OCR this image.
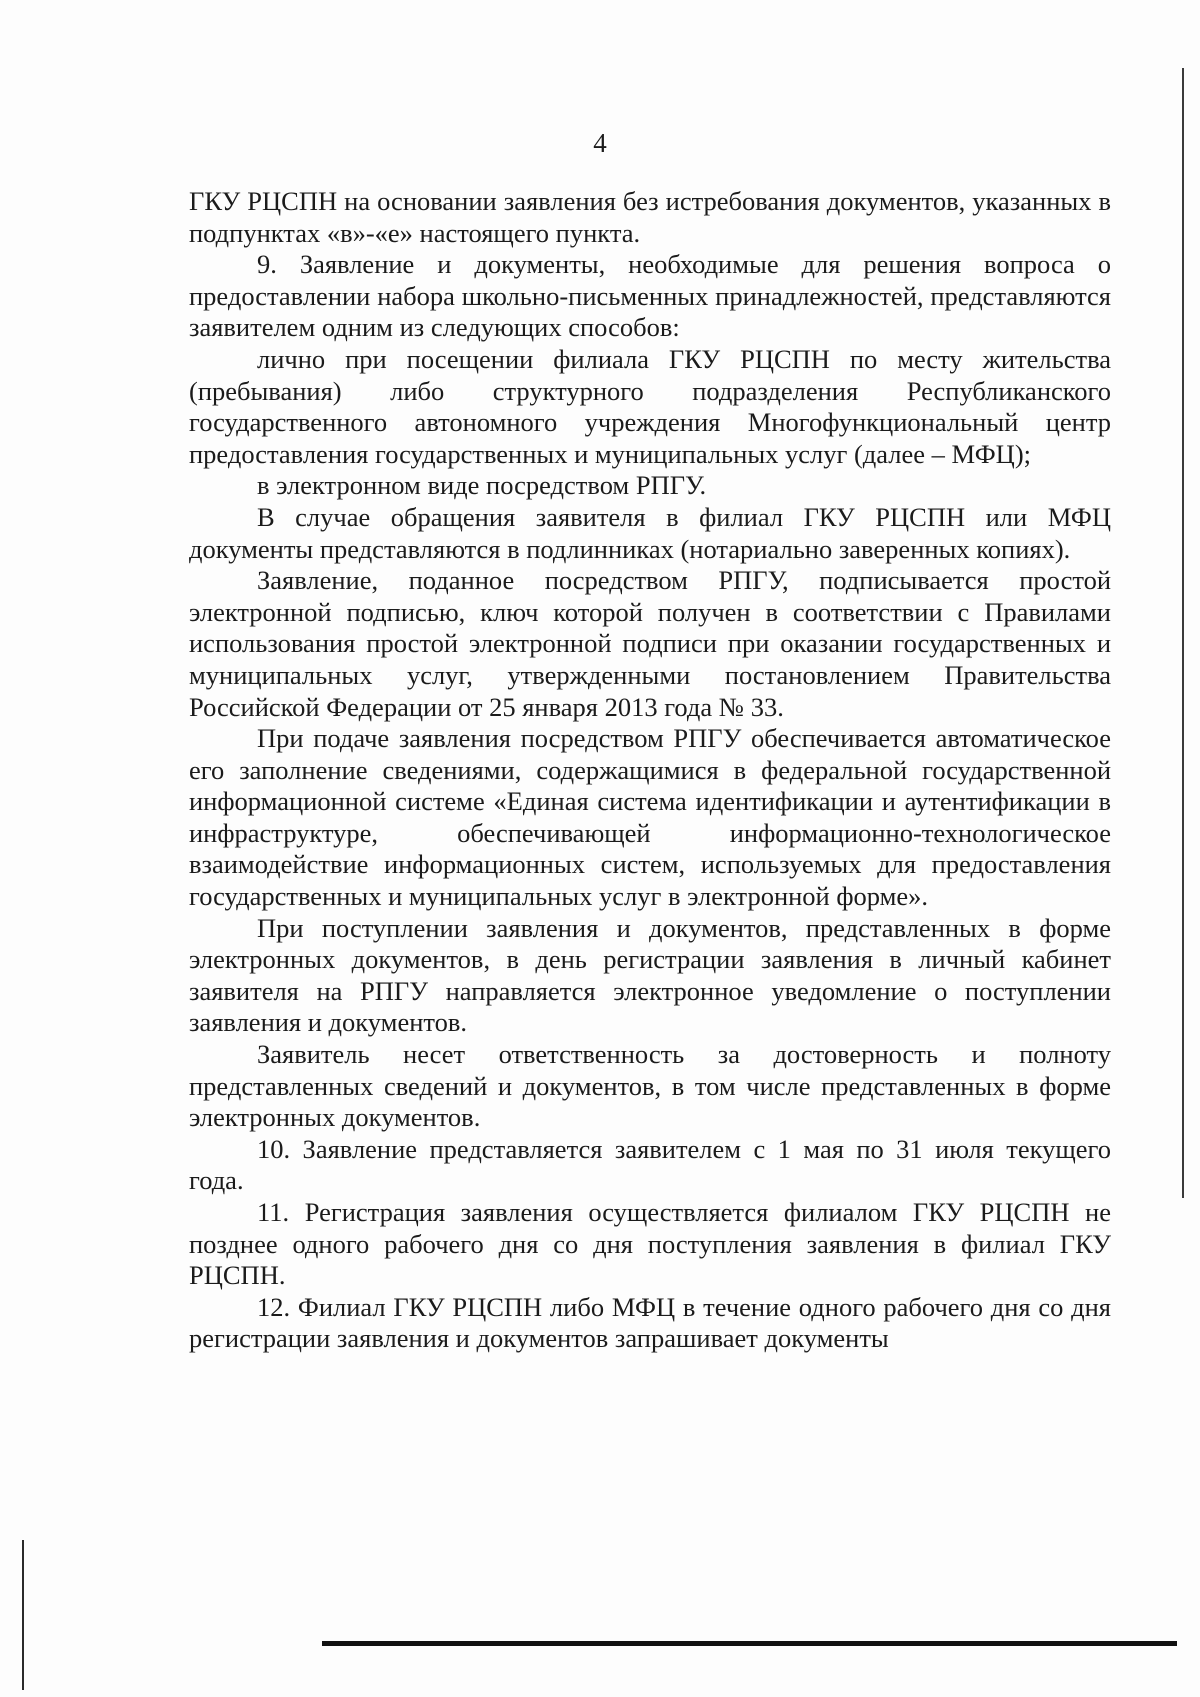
4

ГКУ РЦСПН на основании заявления без истребования документов, указанных в подпунктах «в»-«е» настоящего пункта.

9. Заявление и документы, необходимые для решения вопроса о предоставлении набора школьно-письменных принадлежностей, представляются заявителем одним из следующих способов:

лично при посещении филиала ГКУ РЦСПН по месту жительства (пребывания) либо структурного подразделения Республиканского государственного автономного учреждения Многофункциональный центр предоставления государственных и муниципальных услуг (далее – МФЦ);

в электронном виде посредством РПГУ.

В случае обращения заявителя в филиал ГКУ РЦСПН или МФЦ документы представляются в подлинниках (нотариально заверенных копиях).

Заявление, поданное посредством РПГУ, подписывается простой электронной подписью, ключ которой получен в соответствии с Правилами использования простой электронной подписи при оказании государственных и муниципальных услуг, утвержденными постановлением Правительства Российской Федерации от 25 января 2013 года № 33.

При подаче заявления посредством РПГУ обеспечивается автоматическое его заполнение сведениями, содержащимися в федеральной государственной информационной системе «Единая система идентификации и аутентификации в инфраструктуре, обеспечивающей информационно-технологическое взаимодействие информационных систем, используемых для предоставления государственных и муниципальных услуг в электронной форме».

При поступлении заявления и документов, представленных в форме электронных документов, в день регистрации заявления в личный кабинет заявителя на РПГУ направляется электронное уведомление о поступлении заявления и документов.

Заявитель несет ответственность за достоверность и полноту представленных сведений и документов, в том числе представленных в форме электронных документов.

10. Заявление представляется заявителем с 1 мая по 31 июля текущего года.

11. Регистрация заявления осуществляется филиалом ГКУ РЦСПН не позднее одного рабочего дня со дня поступления заявления в филиал ГКУ РЦСПН.

12. Филиал ГКУ РЦСПН либо МФЦ в течение одного рабочего дня со дня регистрации заявления и документов запрашивает документы
